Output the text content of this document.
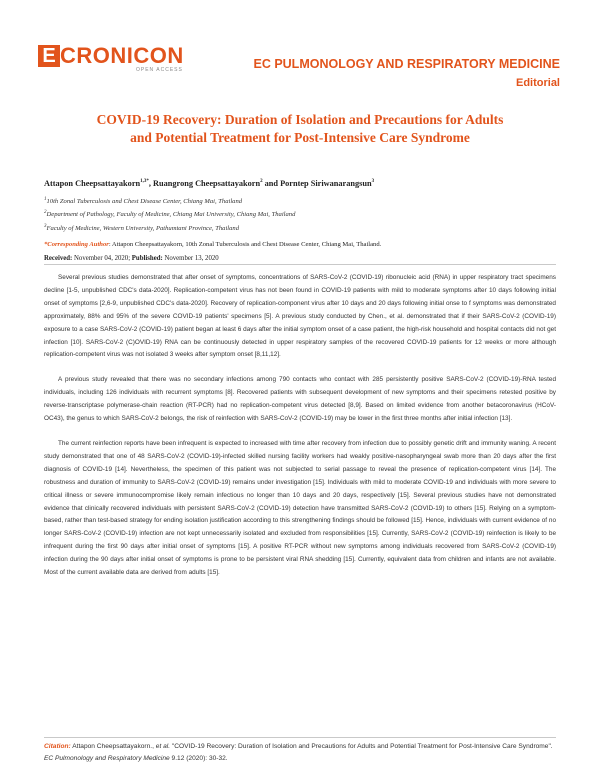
E CRONICON
OPEN ACCESS	EC PULMONOLOGY AND RESPIRATORY MEDICINE
Editorial
COVID-19 Recovery: Duration of Isolation and Precautions for Adults
and Potential Treatment for Post-Intensive Care Syndrome
Attapon Cheepsattayakorn$^{1,3*}$, Ruangrong Cheepsattayakorn$^2$ and Porntep Siriwanarangsun$^3$
$^1$10th Zonal Tuberculosis and Chest Disease Center, Chiang Mai, Thailand
$^2$Department of Pathology, Faculty of Medicine, Chiang Mai University, Chiang Mai, Thailand
$^3$Faculty of Medicine, Western University, Pathumtani Province, Thailand
*Corresponding Author: Attapon Cheepsattayakorn, 10th Zonal Tuberculosis and Chest Disease Center, Chiang Mai, Thailand.
Received: November 04, 2020; Published: November 13, 2020

Several previous studies demonstrated that after onset of symptoms, concentrations of SARS-CoV-2 (COVID-19) ribonucleic acid (RNA) in upper respiratory tract specimens decline [1-5, unpublished CDC's data-2020]. Replication-competent virus has not been found in COVID-19 patients with mild to moderate symptoms after 10 days following initial onset of symptoms [2,6-9, unpublished CDC's data-2020]. Recovery of replication-component virus after 10 days and 20 days following initial onse to f symptoms was demonstrated approximately, 88% and 95% of the severe COVID-19 patients' specimens [5]. A previous study conducted by Chen., et al. demonstrated that if their SARS-CoV-2 (COVID-19) exposure to a case SARS-CoV-2 (COVID-19) patient began at least 6 days after the initial symptom onset of a case patient, the high-risk household and hospital contacts did not get infection [10]. SARS-CoV-2 (C)OVID-19) RNA can be continuously detected in upper respiratory samples of the recovered COVID-19 patients for 12 weeks or more although replication-competent virus was not isolated 3 weeks after symptom onset [8,11,12].

A previous study revealed that there was no secondary infections among 790 contacts who contact with 285 persistently positive SARS-CoV-2 (COVID-19)-RNA tested individuals, including 126 individuals with recurrent symptoms [8]. Recovered patients with subsequent development of new symptoms and their specimens retested positive by reverse-transcriptase polymerase-chain reaction (RT-PCR) had no replication-competent virus detected [8,9]. Based on limited evidence from another betacoronavirus (HCoV-OC43), the genus to which SARS-CoV-2 belongs, the risk of reinfection with SARS-CoV-2 (COVID-19) may be lower in the first three months after initial infection [13].

The current reinfection reports have been infrequent is expected to increased with time after recovery from infection due to possibly genetic drift and immunity waning. A recent study demonstrated that one of 48 SARS-CoV-2 (COVID-19)-infected skilled nursing facility workers had weakly positive-nasopharyngeal swab more than 20 days after the first diagnosis of COVID-19 [14]. Nevertheless, the specimen of this patient was not subjected to serial passage to reveal the presence of replication-competent virus [14]. The robustness and duration of immunity to SARS-CoV-2 (COVID-19) remains under investigation [15]. Individuals with mild to moderate COVID-19 and individuals with more severe to critical illness or severe immunocompromise likely remain infectious no longer than 10 days and 20 days, respectively [15]. Several previous studies have not demonstrated evidence that clinically recovered individuals with persistent SARS-CoV-2 (COVID-19) detection have transmitted SARS-CoV-2 (COVID-19) to others [15]. Relying on a symptom-based, rather than test-based strategy for ending isolation justification according to this strengthening findings should be followed [15]. Hence, individuals with current evidence of no longer SARS-CoV-2 (COVID-19) infection are not kept unnecessarily isolated and excluded from responsibilities [15]. Currently, SARS-CoV-2 (COVID-19) reinfection is likely to be infrequent during the first 90 days after initial onset of symptoms [15]. A positive RT-PCR without new symptoms among individuals recovered from SARS-CoV-2 (COVID-19) infection during the 90 days after initial onset of symptoms is prone to be persistent viral RNA shedding [15]. Currently, equivalent data from children and infants are not available. Most of the current available data are derived from adults [15].

Citation: Attapon Cheepsattayakorn., et al. "COVID-19 Recovery: Duration of Isolation and Precautions for Adults and Potential Treatment for Post-Intensive Care Syndrome". EC Pulmonology and Respiratory Medicine 9.12 (2020): 30-32.
